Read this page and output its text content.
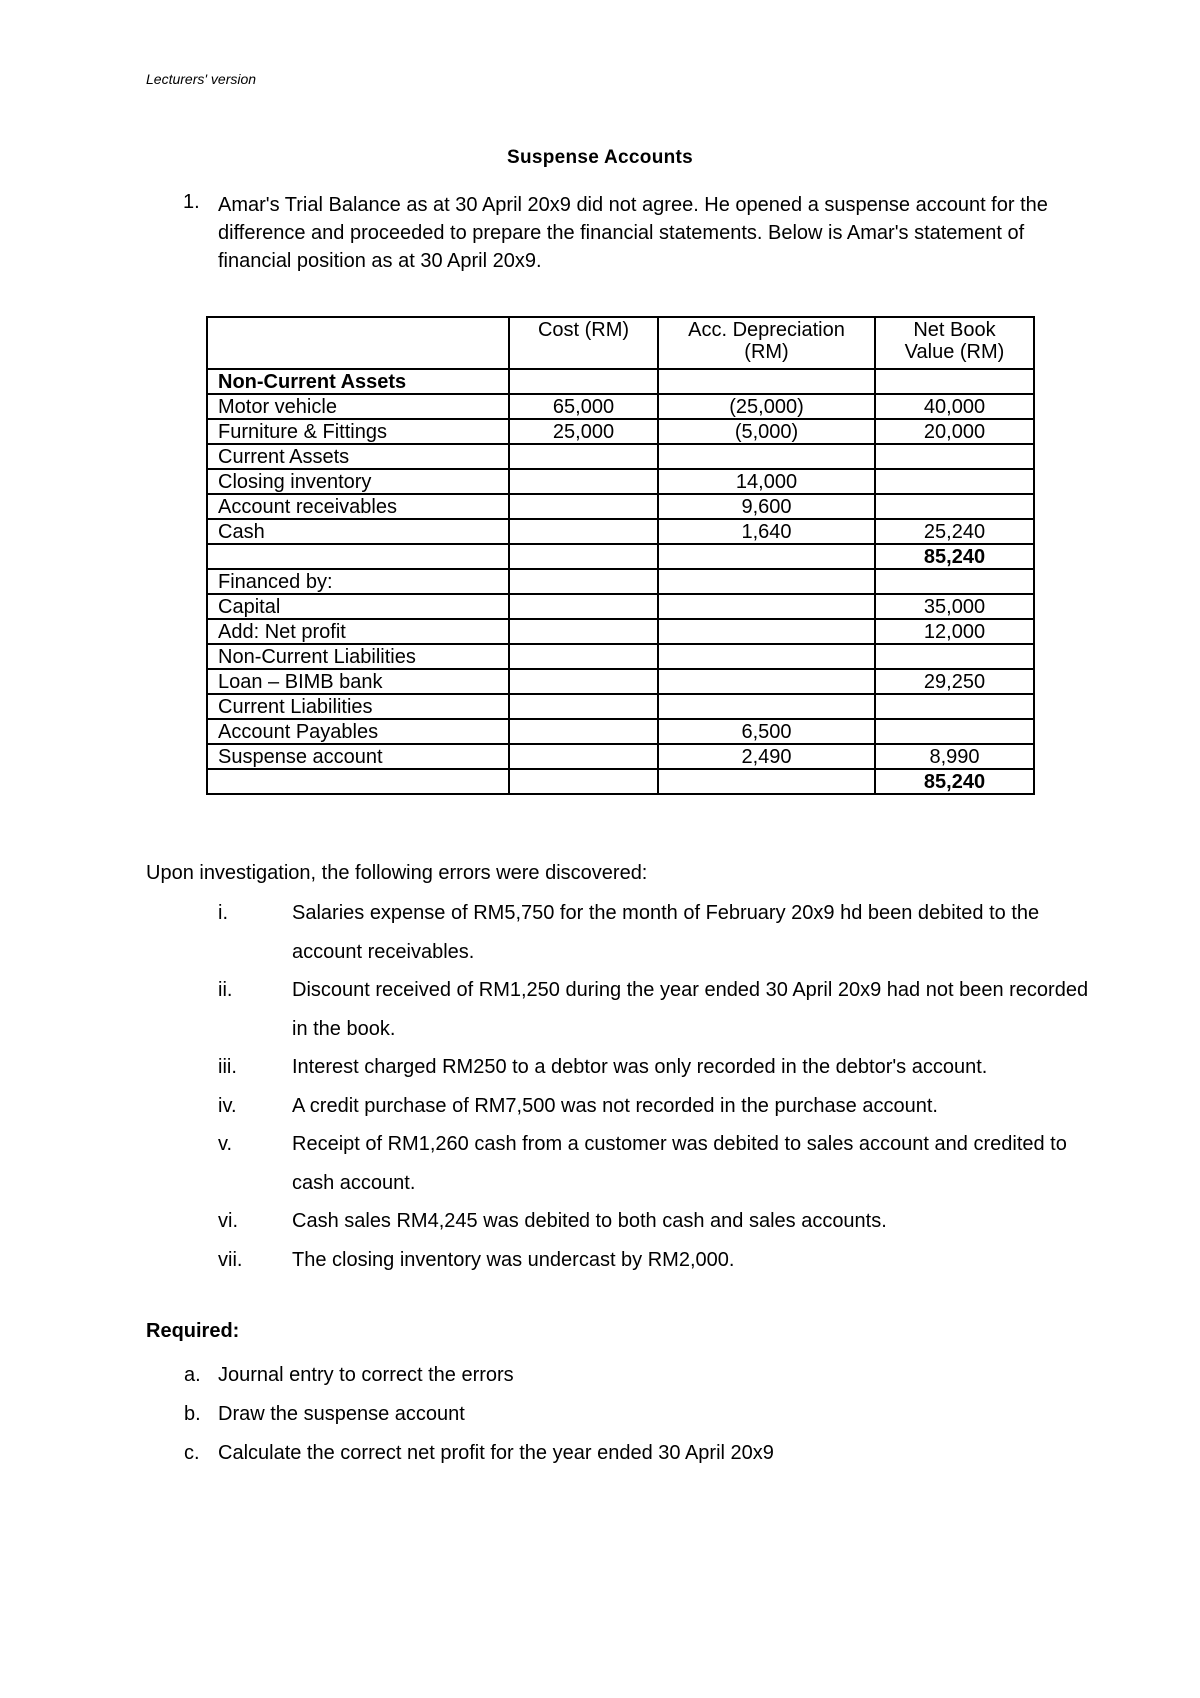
Lecturers' version
Suspense Accounts
1. Amar's Trial Balance as at 30 April 20x9 did not agree. He opened a suspense account for the difference and proceeded to prepare the financial statements. Below is Amar's statement of financial position as at 30 April 20x9.
	Cost (RM)	Acc. Depreciation (RM)	Net Book Value (RM)
Non-Current Assets			
Motor vehicle	65,000	(25,000)	40,000
Furniture & Fittings	25,000	(5,000)	20,000
Current Assets			
Closing inventory		14,000	
Account receivables		9,600	
Cash		1,640	25,240
			85,240
Financed by:			
Capital			35,000
Add: Net profit			12,000
Non-Current Liabilities			
Loan – BIMB bank			29,250
Current Liabilities			
Account Payables		6,500	
Suspense account		2,490	8,990
			85,240
Upon investigation, the following errors were discovered:
i.	Salaries expense of RM5,750 for the month of February 20x9 hd been debited to the account receivables.
ii.	Discount received of RM1,250 during the year ended 30 April 20x9 had not been recorded in the book.
iii.	Interest charged RM250 to a debtor was only recorded in the debtor's account.
iv.	A credit purchase of RM7,500 was not recorded in the purchase account.
v.	Receipt of RM1,260 cash from a customer was debited to sales account and credited to cash account.
vi.	Cash sales RM4,245 was debited to both cash and sales accounts.
vii. The closing inventory was undercast by RM2,000.
Required:
a. Journal entry to correct the errors
b. Draw the suspense account
c. Calculate the correct net profit for the year ended 30 April 20x9
